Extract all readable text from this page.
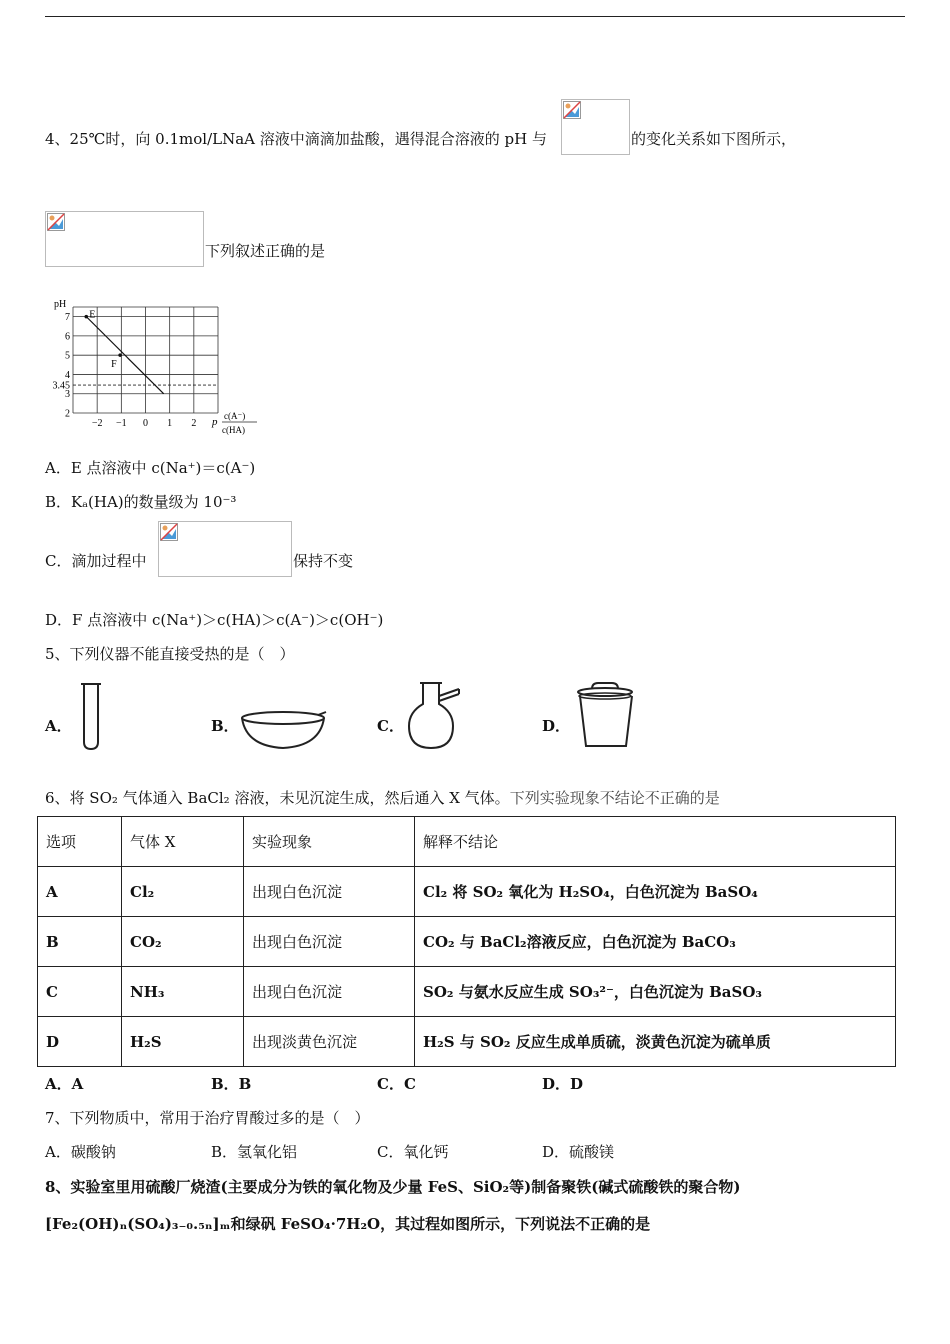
4、25℃时，向 0.1mol/LNaA 溶液中滴滴加盐酸，遇得混合溶液的 pH 与	的变化关系如下图所示，
下列叙述正确的是
7
6
5
4
3.45
3
2
−2 −1 0 1 2
E
F
pH
p c(A⁻)
c(HA)
A．E 点溶液中 c(Na⁺)＝c(A⁻)
B．Kₐ(HA)的数量级为 10⁻³
C．滴加过程中	保持不变
D．F 点溶液中 c(Na⁺)＞c(HA)＞c(A⁻)＞c(OH⁻)
5、下列仪器不能直接受热的是（　）
A．	B．	C．	D．
6、将 SO₂ 气体通入 BaCl₂ 溶液，未见沉淀生成，然后通入 X 气体。下列实验现象不结论不正确的是
选项	气体 X	实验现象	解释不结论
A	Cl₂	出现白色沉淀	Cl₂ 将 SO₂ 氧化为 H₂SO₄，白色沉淀为 BaSO₄
B	CO₂	出现白色沉淀	CO₂ 与 BaCl₂溶液反应，白色沉淀为 BaCO₃
C	NH₃	出现白色沉淀	SO₂ 与氨水反应生成 SO₃²⁻，白色沉淀为 BaSO₃
D	H₂S	出现淡黄色沉淀	H₂S 与 SO₂ 反应生成单质硫，淡黄色沉淀为硫单质
A．A	B．B	C．C	D．D
7、下列物质中，常用于治疗胃酸过多的是（　）
A．碳酸钠	B．氢氧化铝	C．氧化钙	D．硫酸镁
8、实验室里用硫酸厂烧渣(主要成分为铁的氧化物及少量 FeS、SiO₂等)制备聚铁(碱式硫酸铁的聚合物)
[Fe₂(OH)ₙ(SO₄)₃₋₀.₅ₙ]ₘ和绿矾 FeSO₄·7H₂O，其过程如图所示，下列说法不正确的是
